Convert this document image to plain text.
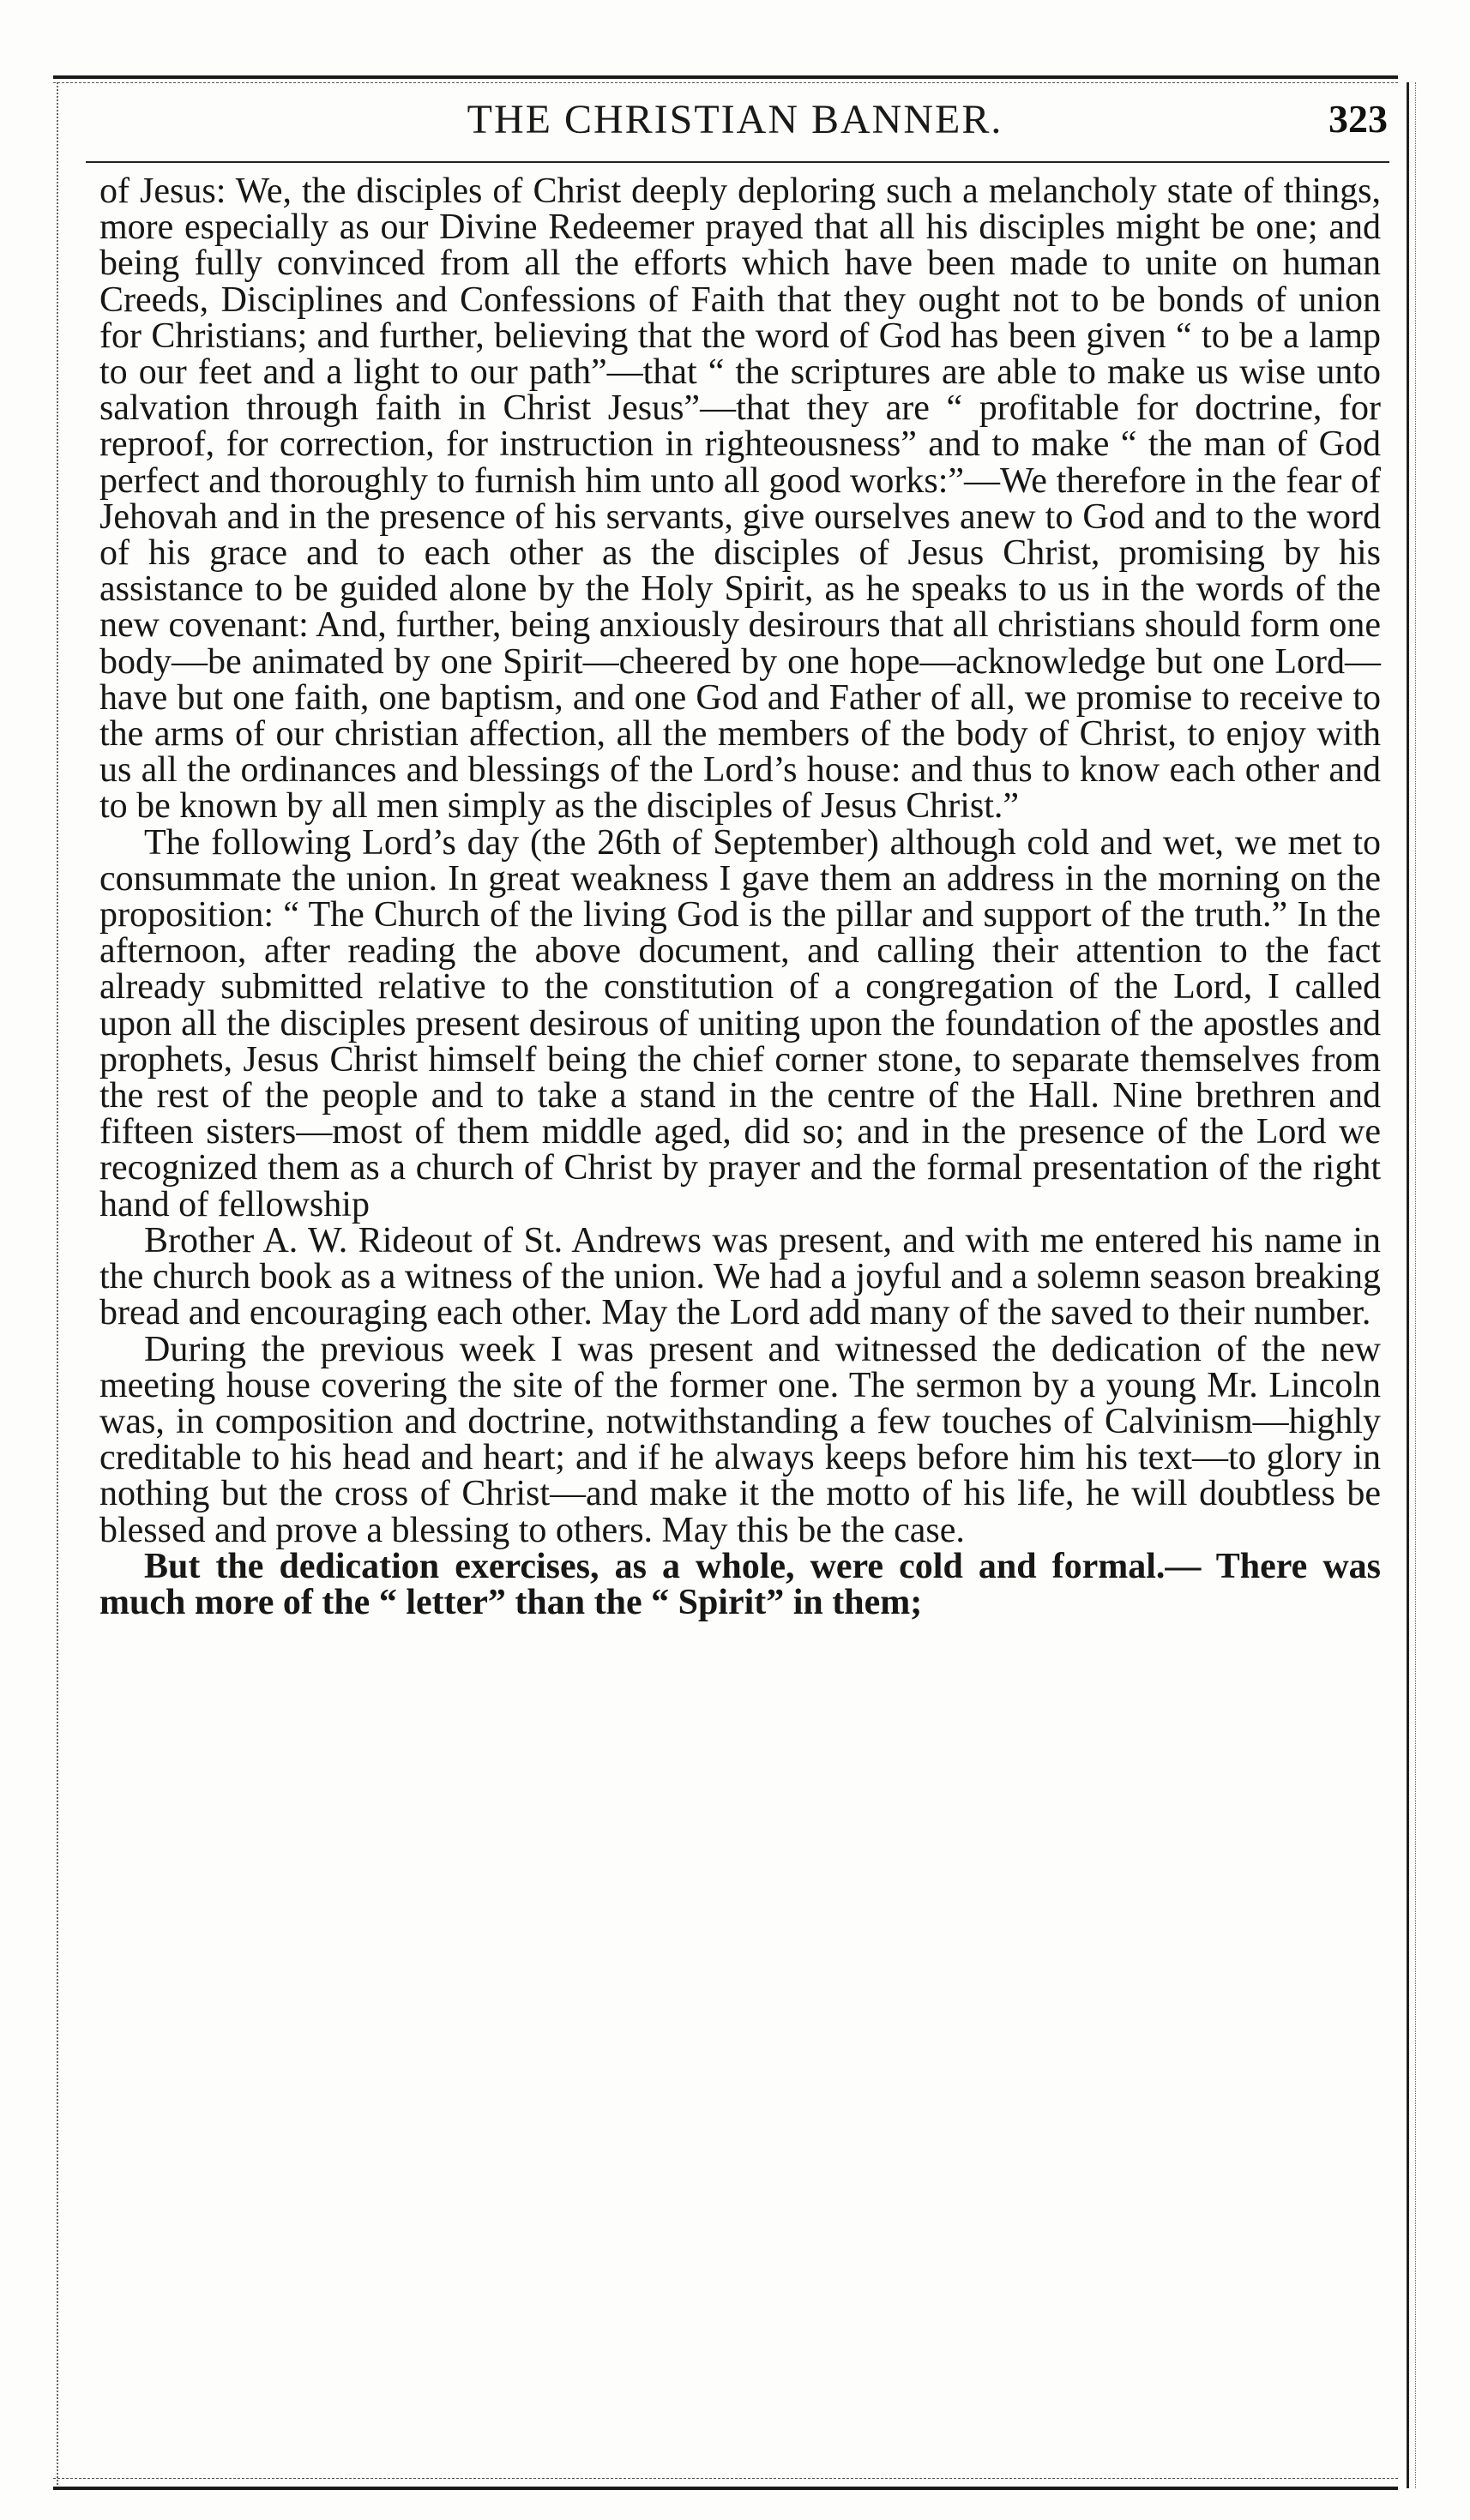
THE CHRISTIAN BANNER.	323

of Jesus: We, the disciples of Christ deeply deploring such a melancholy state of things, more especially as our Divine Redeemer prayed that all his disciples might be one; and being fully convinced from all the efforts which have been made to unite on human Creeds, Disciplines and Confessions of Faith that they ought not to be bonds of union for Christians; and further, believing that the word of God has been given “ to be a lamp to our feet and a light to our path”—that “ the scriptures are able to make us wise unto salvation through faith in Christ Jesus”—that they are “ profitable for doctrine, for reproof, for correction, for instruction in righteousness” and to make “ the man of God perfect and thoroughly to furnish him unto all good works:”—We therefore in the fear of Jehovah and in the presence of his servants, give ourselves anew to God and to the word of his grace and to each other as the disciples of Jesus Christ, promising by his assistance to be guided alone by the Holy Spirit, as he speaks to us in the words of the new covenant: And, further, being anxiously desirours that all christians should form one body—be animated by one Spirit—cheered by one hope—acknowledge but one Lord—have but one faith, one baptism, and one God and Father of all, we promise to receive to the arms of our christian affection, all the members of the body of Christ, to enjoy with us all the ordinances and blessings of the Lord’s house: and thus to know each other and to be known by all men simply as the disciples of Jesus Christ.”

The following Lord’s day (the 26th of September) although cold and wet, we met to consummate the union. In great weakness I gave them an address in the morning on the proposition: “ The Church of the living God is the pillar and support of the truth.” In the afternoon, after reading the above document, and calling their attention to the fact already submitted relative to the constitution of a congregation of the Lord, I called upon all the disciples present desirous of uniting upon the foundation of the apostles and prophets, Jesus Christ himself being the chief corner stone, to separate themselves from the rest of the people and to take a stand in the centre of the Hall. Nine brethren and fifteen sisters—most of them middle aged, did so; and in the presence of the Lord we recognized them as a church of Christ by prayer and the formal presentation of the right hand of fellowship

Brother A. W. Rideout of St. Andrews was present, and with me entered his name in the church book as a witness of the union. We had a joyful and a solemn season breaking bread and encouraging each other. May the Lord add many of the saved to their number.

During the previous week I was present and witnessed the dedication of the new meeting house covering the site of the former one. The sermon by a young Mr. Lincoln was, in composition and doctrine, notwithstanding a few touches of Calvinism—highly creditable to his head and heart; and if he always keeps before him his text—to glory in nothing but the cross of Christ—and make it the motto of his life, he will doubtless be blessed and prove a blessing to others. May this be the case.

But the dedication exercises, as a whole, were cold and formal.— There was much more of the “ letter” than the “ Spirit” in them;
